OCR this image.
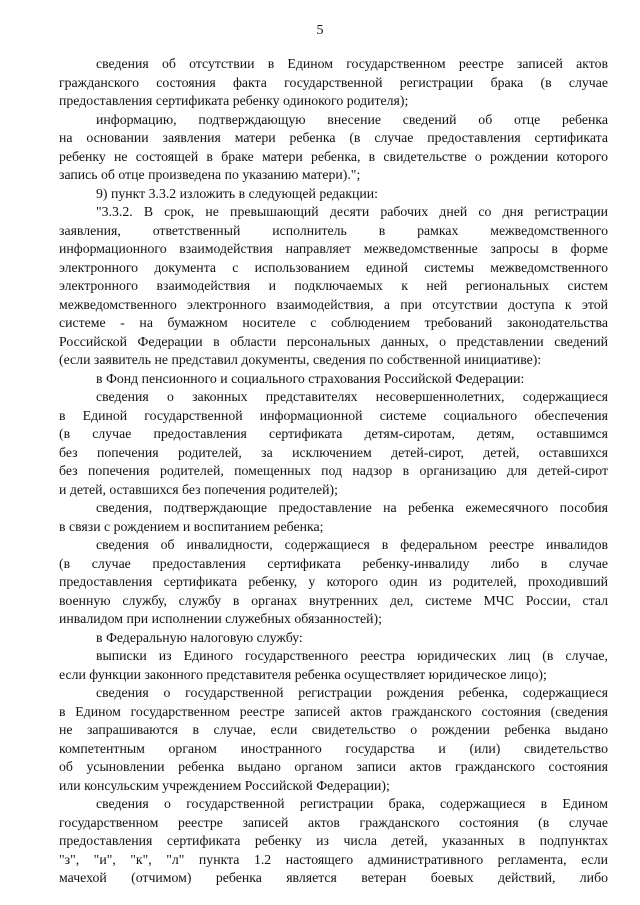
5
сведения об отсутствии в Едином государственном реестре записей актов
гражданского состояния факта государственной регистрации брака (в случае
предоставления сертификата ребенку одинокого родителя);
информацию, подтверждающую внесение сведений об отце ребенка
на основании заявления матери ребенка (в случае предоставления сертификата
ребенку не состоящей в браке матери ребенка, в свидетельстве о рождении которого
запись об отце произведена по указанию матери).";
9) пункт 3.3.2 изложить в следующей редакции:
"3.3.2. В срок, не превышающий десяти рабочих дней со дня регистрации
заявления, ответственный исполнитель в рамках межведомственного
информационного взаимодействия направляет межведомственные запросы в форме
электронного документа с использованием единой системы межведомственного
электронного взаимодействия и подключаемых к ней региональных систем
межведомственного электронного взаимодействия, а при отсутствии доступа к этой
системе - на бумажном носителе с соблюдением требований законодательства
Российской Федерации в области персональных данных, о представлении сведений
(если заявитель не представил документы, сведения по собственной инициативе):
в Фонд пенсионного и социального страхования Российской Федерации:
сведения о законных представителях несовершеннолетних, содержащиеся
в Единой государственной информационной системе социального обеспечения
(в случае предоставления сертификата детям-сиротам, детям, оставшимся
без попечения родителей, за исключением детей-сирот, детей, оставшихся
без попечения родителей, помещенных под надзор в организацию для детей-сирот
и детей, оставшихся без попечения родителей);
сведения, подтверждающие предоставление на ребенка ежемесячного пособия
в связи с рождением и воспитанием ребенка;
сведения об инвалидности, содержащиеся в федеральном реестре инвалидов
(в случае предоставления сертификата ребенку-инвалиду либо в случае
предоставления сертификата ребенку, у которого один из родителей, проходивший
военную службу, службу в органах внутренних дел, системе МЧС России, стал
инвалидом при исполнении служебных обязанностей);
в Федеральную налоговую службу:
выписки из Единого государственного реестра юридических лиц (в случае,
если функции законного представителя ребенка осуществляет юридическое лицо);
сведения о государственной регистрации рождения ребенка, содержащиеся
в Едином государственном реестре записей актов гражданского состояния (сведения
не запрашиваются в случае, если свидетельство о рождении ребенка выдано
компетентным органом иностранного государства и (или) свидетельство
об усыновлении ребенка выдано органом записи актов гражданского состояния
или консульским учреждением Российской Федерации);
сведения о государственной регистрации брака, содержащиеся в Едином
государственном реестре записей актов гражданского состояния (в случае
предоставления сертификата ребенку из числа детей, указанных в подпунктах
"з", "и", "к", "л" пункта 1.2 настоящего административного регламента, если
мачехой (отчимом) ребенка является ветеран боевых действий, либо
